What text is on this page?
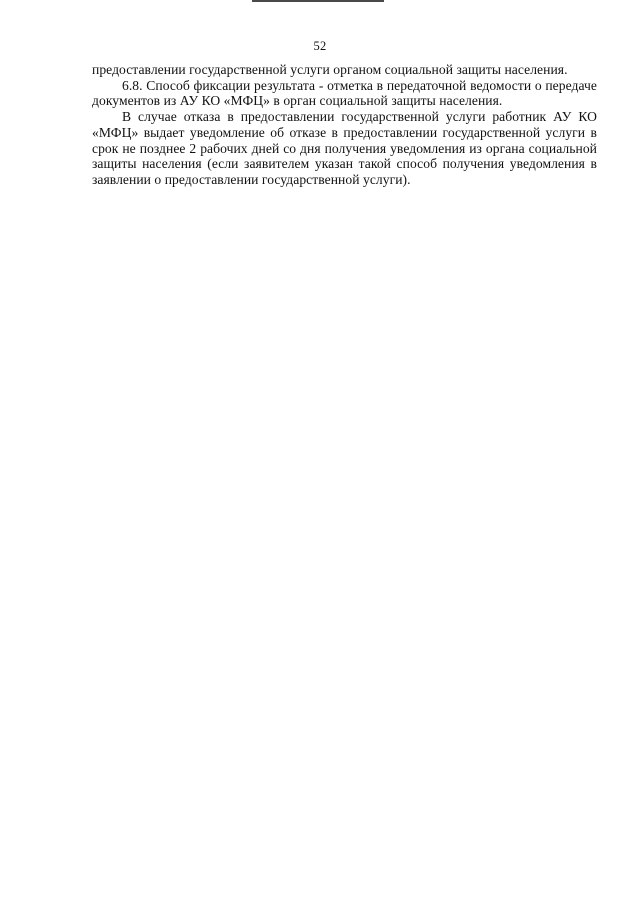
52

предоставлении государственной услуги органом социальной защиты населения.

6.8. Способ фиксации результата - отметка в передаточной ведомости о передаче документов из АУ КО «МФЦ» в орган социальной защиты населения.

В случае отказа в предоставлении государственной услуги работник АУ КО «МФЦ» выдает уведомление об отказе в предоставлении государственной услуги в срок не позднее 2 рабочих дней со дня получения уведомления из органа социальной защиты населения (если заявителем указан такой способ получения уведомления в заявлении о предоставлении государственной услуги).
